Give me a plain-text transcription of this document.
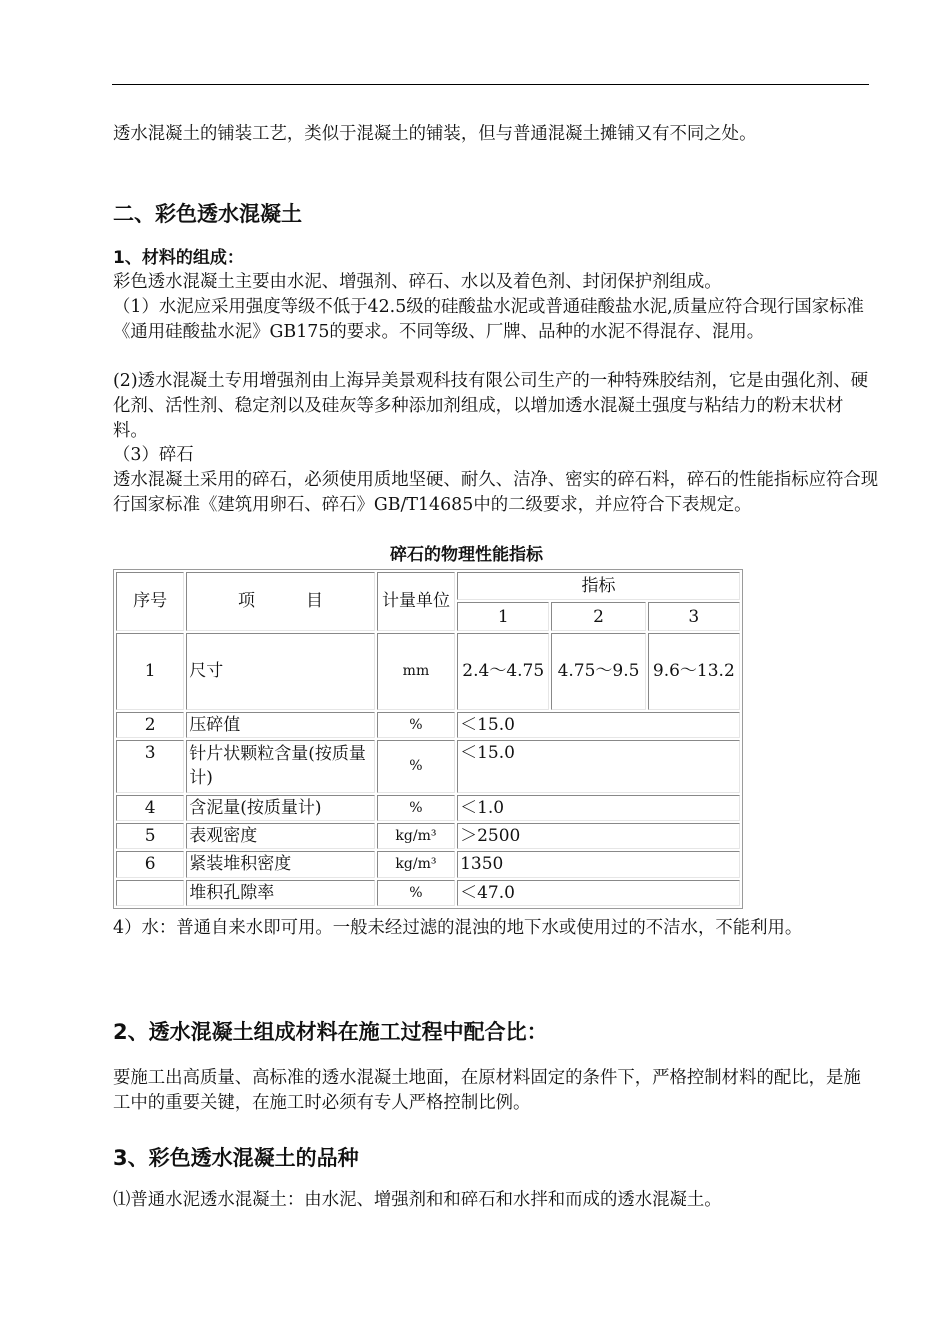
透水混凝土的铺装工艺，类似于混凝土的铺装，但与普通混凝土摊铺又有不同之处。

二、彩色透水混凝土
1、材料的组成：

彩色透水混凝土主要由水泥、增强剂、碎石、水以及着色剂、封闭保护剂组成。

（1）水泥应采用强度等级不低于42.5级的硅酸盐水泥或普通硅酸盐水泥,质量应符合现行国家标准《通用硅酸盐水泥》GB175的要求。不同等级、厂牌、品种的水泥不得混存、混用。

(2)透水混凝土专用增强剂由上海异美景观科技有限公司生产的一种特殊胶结剂，它是由强化剂、硬化剂、活性剂、稳定剂以及硅灰等多种添加剂组成，以增加透水混凝土强度与粘结力的粉末状材料。

（3）碎石

透水混凝土采用的碎石，必须使用质地坚硬、耐久、洁净、密实的碎石料，碎石的性能指标应符合现行国家标准《建筑用卵石、碎石》GB/T14685中的二级要求，并应符合下表规定。

碎石的物理性能指标
序号	项　　　目	计量单位	指标		
			1	2	3
1	尺寸	mm	2.4～4.75	4.75～9.5	9.6～13.2
2	压碎值	%	＜15.0		
3	针片状颗粒含量(按质量计)	%	＜15.0		
4	含泥量(按质量计)	%	＜1.0		
5	表观密度	kg/m³	＞2500		
6	紧装堆积密度	kg/m³	1350		
	堆积孔隙率	%	＜47.0		

4）水：普通自来水即可用。一般未经过滤的混浊的地下水或使用过的不洁水，不能利用。

2、透水混凝土组成材料在施工过程中配合比：

要施工出高质量、高标准的透水混凝土地面，在原材料固定的条件下，严格控制材料的配比，是施工中的重要关键，在施工时必须有专人严格控制比例。

3、彩色透水混凝土的品种

⑴普通水泥透水混凝土：由水泥、增强剂和和碎石和水拌和而成的透水混凝土。
